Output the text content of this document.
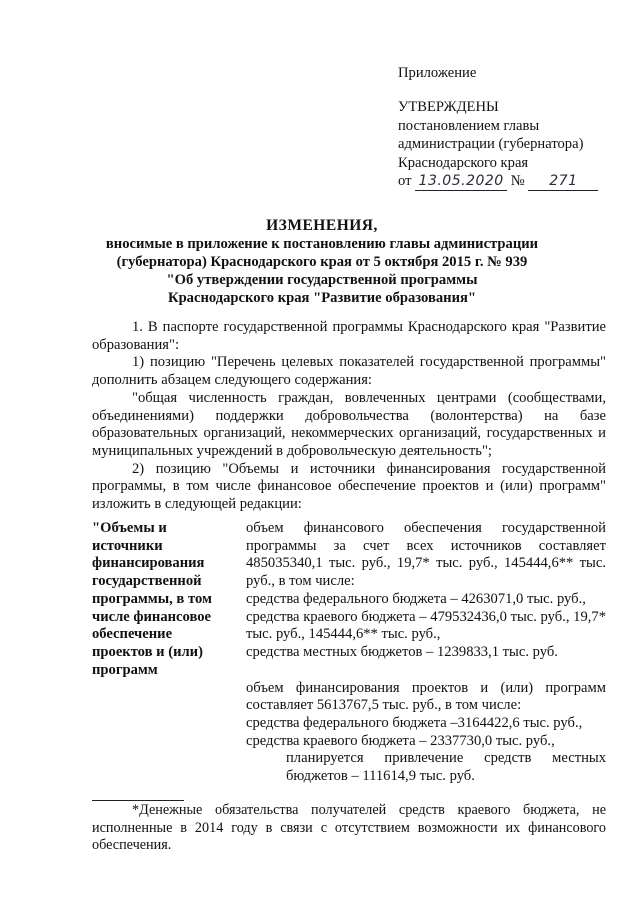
Приложение
УТВЕРЖДЕНЫ
постановлением главы
администрации (губернатора)
Краснодарского края
от 13.05.2020 № 271
ИЗМЕНЕНИЯ,
вносимые в приложение к постановлению главы администрации
(губернатора) Краснодарского края от 5 октября 2015 г. № 939
"Об утверждении государственной программы
Краснодарского края "Развитие образования"

1. В паспорте государственной программы Краснодарского края "Развитие образования":

1) позицию "Перечень целевых показателей государственной программы" дополнить абзацем следующего содержания:

"общая численность граждан, вовлеченных центрами (сообществами, объединениями) поддержки добровольчества (волонтерства) на базе образовательных организаций, некоммерческих организаций, государственных и муниципальных учреждений в добровольческую деятельность";

2) позицию "Объемы и источники финансирования государственной программы, в том числе финансовое обеспечение проектов и (или) программ" изложить в следующей редакции:

"Объемы и источники финансирования государственной программы, в том числе финансовое обеспечение проектов и (или) программ

объем финансового обеспечения государственной программы за счет всех источников составляет 485035340,1 тыс. руб., 19,7* тыс. руб., 145444,6** тыс. руб., в том числе:

средства федерального бюджета – 4263071,0 тыс. руб.,

средства краевого бюджета – 479532436,0 тыс. руб., 19,7* тыс. руб., 145444,6** тыс. руб.,

средства местных бюджетов – 1239833,1 тыс. руб.

объем финансирования проектов и (или) программ составляет 5613767,5 тыс. руб., в том числе:

средства федерального бюджета –3164422,6 тыс. руб.,

средства краевого бюджета – 2337730,0 тыс. руб.,

планируется привлечение средств местных бюджетов – 111614,9 тыс. руб.

*Денежные обязательства получателей средств краевого бюджета, не исполненные в 2014 году в связи с отсутствием возможности их финансового обеспечения.
